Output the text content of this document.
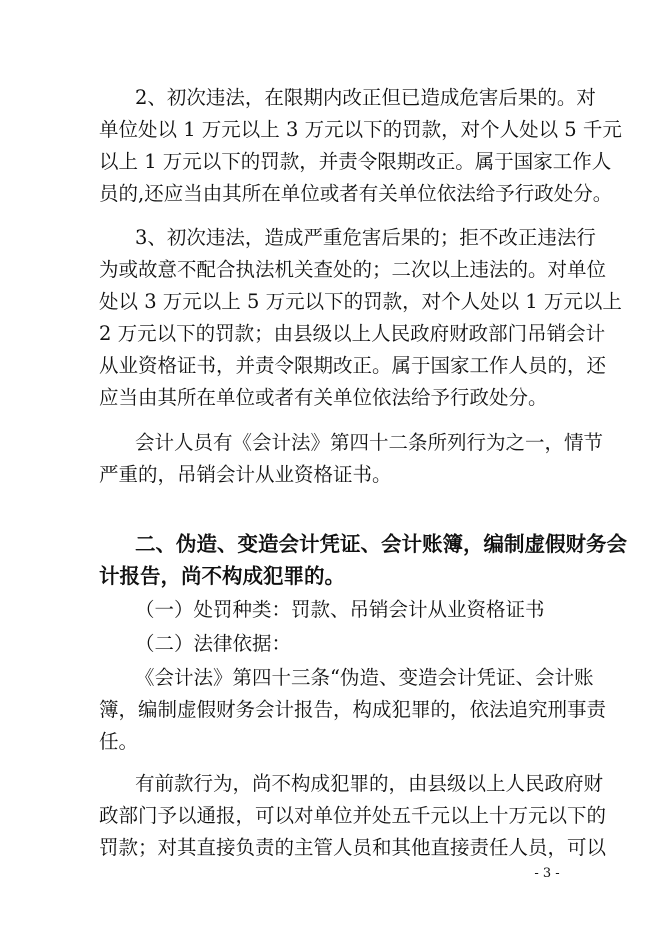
2、初次违法，在限期内改正但已造成危害后果的。对

单位处以 1 万元以上 3 万元以下的罚款，对个人处以 5 千元

以上 1 万元以下的罚款，并责令限期改正。属于国家工作人

员的,还应当由其所在单位或者有关单位依法给予行政处分。

3、初次违法，造成严重危害后果的；拒不改正违法行

为或故意不配合执法机关查处的；二次以上违法的。对单位

处以 3 万元以上 5 万元以下的罚款，对个人处以 1 万元以上

2 万元以下的罚款；由县级以上人民政府财政部门吊销会计

从业资格证书，并责令限期改正。属于国家工作人员的，还

应当由其所在单位或者有关单位依法给予行政处分。

会计人员有《会计法》第四十二条所列行为之一，情节

严重的，吊销会计从业资格证书。

二、伪造、变造会计凭证、会计账簿，编制虚假财务会

计报告，尚不构成犯罪的。

（一）处罚种类：罚款、吊销会计从业资格证书

（二）法律依据：

《会计法》第四十三条“伪造、变造会计凭证、会计账

簿，编制虚假财务会计报告，构成犯罪的，依法追究刑事责

任。

有前款行为，尚不构成犯罪的，由县级以上人民政府财

政部门予以通报，可以对单位并处五千元以上十万元以下的

罚款；对其直接负责的主管人员和其他直接责任人员，可以

- 3 -
